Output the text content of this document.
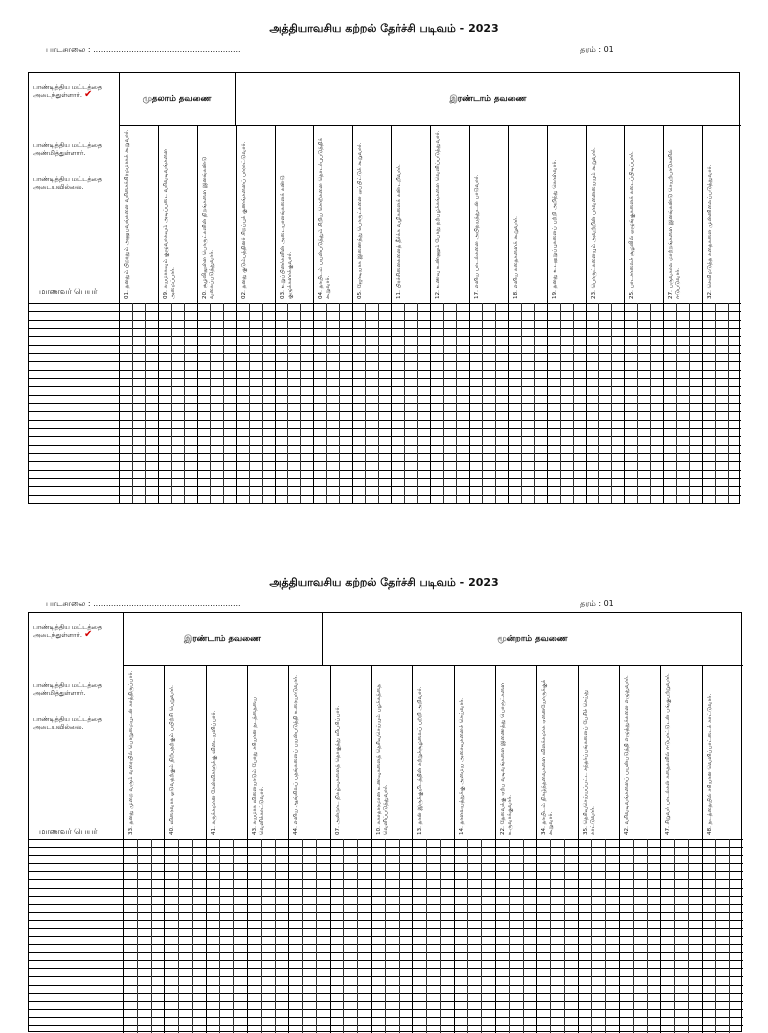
அத்தியாவசிய கற்றல் தேர்ச்சி படிவம் - 2023
பாடசாலை : ..........................................................	தரம் : 01
பாண்டித்திய மட்டத்தை அடைந்துள்ளார். ✔
பாண்டித்திய மட்டத்தை அண்மித்துள்ளார்.
பாண்டித்திய மட்டத்தை அடையவில்லை.
மாணவர் பெயர்
முதலாம் தவணை	இரண்டாம் தவணை
01. தனதும் பிறரதும் அனுபவங்களை வரிசைக்கிரமமாகக் கூறுவார்.	09. சுயமாகவும் குழுவாகவும் அடிப்படை வரிவடிவங்களை அமைப்பார்.	20. சூழலிலுள்ள பொருட்களின் நிறங்களை இனங்கண்டு வகைப்படுத்துவார்.	02. தனது குடும்பத்தினர் சிறப்புக் குணங்களைப் பாராட்டுவார்.	03. உறுப்பினர்களின் அடையாளங்களைக் கண்டு குழுக்களாக்குவார்.	04. தாயிடம் பயன்படுத்தும் சிறிய சொற்களை தொடர்புபடுத்திக் கூறுவார்.	05. ஜோடியாக இணைந்து பொருட்களை ஒப்பிட்டுக் கூறுவார்.	11. பிரச்சினைகளைத் தீர்க்க வழிகளைக் கண்டறிவார்.	12. உணவு உண்ணும் போது நற்பழக்கங்களை வெளிப்படுத்துவார்.	17. எளிய பாடல்களை அபிநயத்துடன் பாடுவார்.	18. எளிய கதைகளைக் கூறுவார்.	19. தனது உடலுறுப்புகளைப் பற்றி அறிந்து கொள்வார்.	23. பொருட்களையும் அவற்றின் பாவனையையும் கூறுவார்.	25. பாடசாலைச் சூழலில் ஒழுங்குகளைக் கடைப்பிடிப்பார்.	27. பருவகால மாற்றங்களை இனங்கண்டு செயற்பாடுகளில் ஈடுபடுவார்.	32. செவிமடுத்த கதைகளை முன்னிலைப்படுத்துவார்.
அத்தியாவசிய கற்றல் தேர்ச்சி படிவம் - 2023
பாடசாலை : ..........................................................	தரம் : 01
பாண்டித்திய மட்டத்தை அடைந்துள்ளார். ✔
பாண்டித்திய மட்டத்தை அண்மித்துள்ளார்.
பாண்டித்திய மட்டத்தை அடையவில்லை.
மாணவர் பெயர்
இரண்டாம் தவணை	மூன்றாம் தவணை
33. தனது முறை வரும் வரையில் பொறுமையுடன் காத்திருப்பார்.	40. விரைவாக ஓடுவதற்கும் நிற்பதற்கும் பயிற்சி பெறுவார்.	41. சுருக்கமான கேள்விகளுக்கு விடையளிப்பார்.	43. சுயமாக விளையாடும் போது சரியான நடத்தையை வெளிக்காட்டுவார்.	44. எளிய ஆங்கிலப் பதங்களைப் பயன்படுத்தி உரையாடுவார்.	07. அன்றாட நிகழ்வுகளைத் தொகுத்து விபரிப்பார்.	10. சுகாதாரமான உணவுகளைத் தெரிவுசெய்யும் பழக்கத்தை வெளிப்படுத்துவார்.	13. தான் இருக்குமிடத்தின் சுற்றுச்சூழலைப் பற்றி அறிவார்.	14. தாளலயத்துக்கு அமைய அசைவுகளைச் செய்வார்.	22. தேவைக்கு ஏற்ப வடிவங்களை இணைத்து பொருட்களை உருவாக்குவார்.	34. தாயிடம் நிகழ்ந்தவைகளை விளக்கமாக ஏனையோருக்குக் கூறுவார்.	35. தெரிவுசெய்யப்பட்ட சந்தர்ப்பங்களைப் பேசிச் செய்து காட்டுவார்.	42. வரிவடிவங்களைப் பயன்படுத்தி எழுத்துக்களை எழுதுவார்.	47. சிறுவர் பாடல்கள் கதைகளில் ஈடுபாட்டுடன் பங்குபற்றுவார்.	48. நடத்தையில் சரியான வெளிப்பாட்டைக் காட்டுவார்.
